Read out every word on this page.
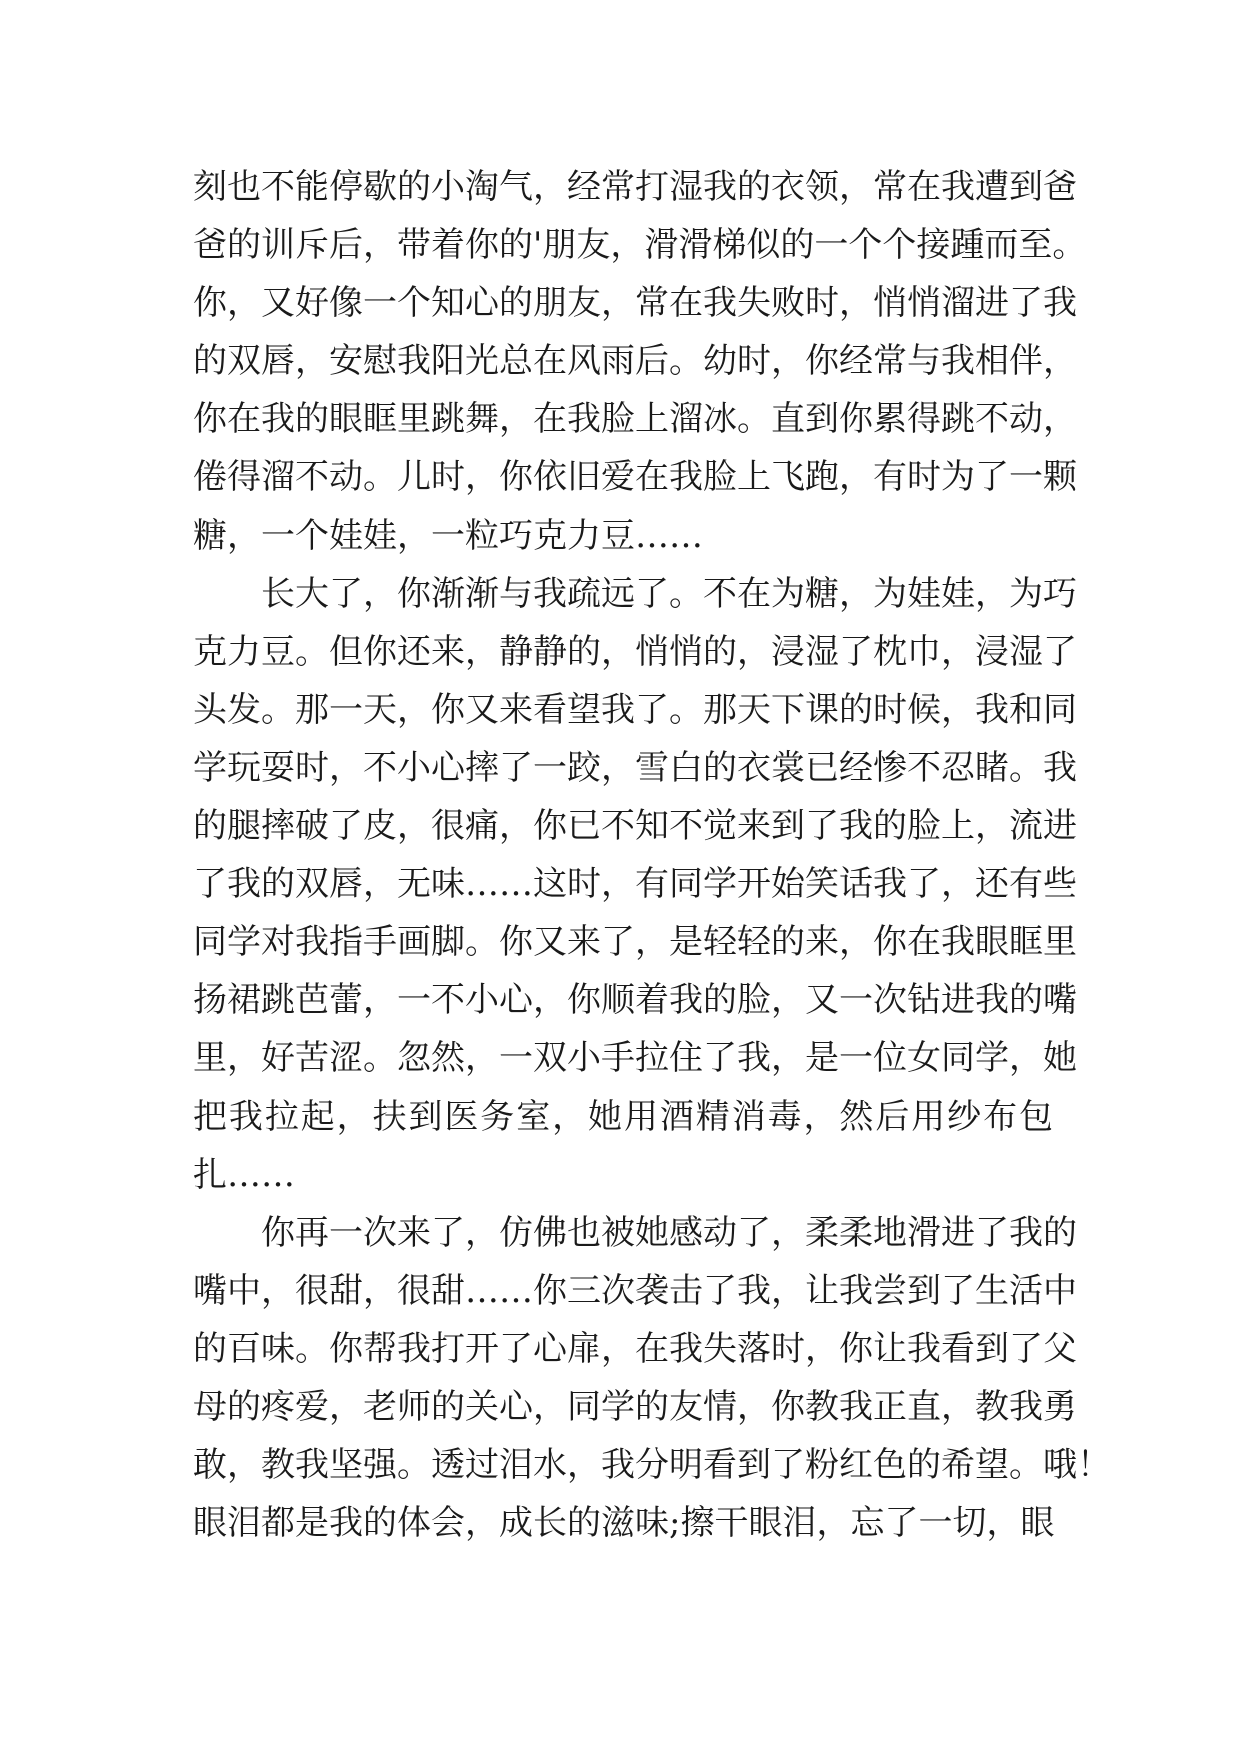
刻也不能停歇的小淘气，经常打湿我的衣领，常在我遭到爸
爸的训斥后，带着你的'朋友，滑滑梯似的一个个接踵而至。
你，又好像一个知心的朋友，常在我失败时，悄悄溜进了我
的双唇，安慰我阳光总在风雨后。幼时，你经常与我相伴，
你在我的眼眶里跳舞，在我脸上溜冰。直到你累得跳不动，
倦得溜不动。儿时，你依旧爱在我脸上飞跑，有时为了一颗
糖，一个娃娃，一粒巧克力豆……
长大了，你渐渐与我疏远了。不在为糖，为娃娃，为巧
克力豆。但你还来，静静的，悄悄的，浸湿了枕巾，浸湿了
头发。那一天，你又来看望我了。那天下课的时候，我和同
学玩耍时，不小心摔了一跤，雪白的衣裳已经惨不忍睹。我
的腿摔破了皮，很痛，你已不知不觉来到了我的脸上，流进
了我的双唇，无味……这时，有同学开始笑话我了，还有些
同学对我指手画脚。你又来了，是轻轻的来，你在我眼眶里
扬裙跳芭蕾，一不小心，你顺着我的脸，又一次钻进我的嘴
里，好苦涩。忽然，一双小手拉住了我，是一位女同学，她
把我拉起，扶到医务室，她用酒精消毒，然后用纱布包
扎……
你再一次来了，仿佛也被她感动了，柔柔地滑进了我的
嘴中，很甜，很甜……你三次袭击了我，让我尝到了生活中
的百味。你帮我打开了心扉，在我失落时，你让我看到了父
母的疼爱，老师的关心，同学的友情，你教我正直，教我勇
敢，教我坚强。透过泪水，我分明看到了粉红色的希望。哦！
眼泪都是我的体会，成长的滋味;擦干眼泪，忘了一切，眼
